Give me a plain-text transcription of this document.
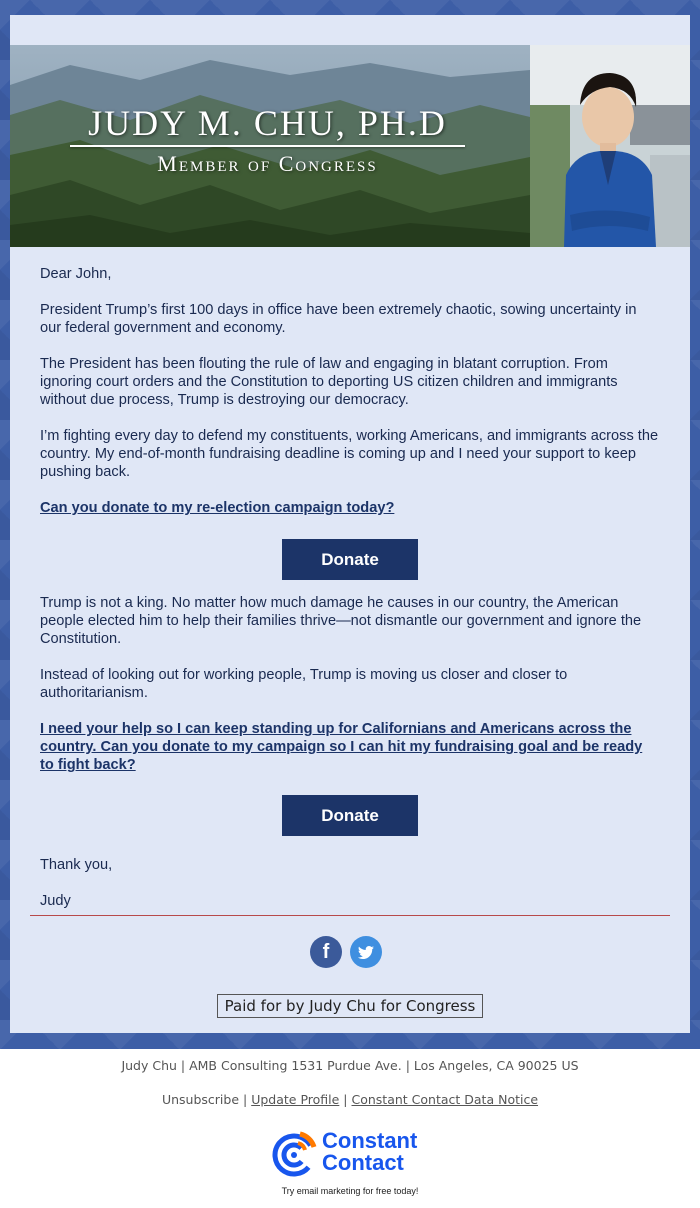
JUDY M. CHU, PH.D
Member of Congress

Dear John,

President Trump’s first 100 days in office have been extremely chaotic, sowing uncertainty in our federal government and economy.

The President has been flouting the rule of law and engaging in blatant corruption. From ignoring court orders and the Constitution to deporting US citizen children and immigrants without due process, Trump is destroying our democracy.

I’m fighting every day to defend my constituents, working Americans, and immigrants across the country. My end-of-month fundraising deadline is coming up and I need your support to keep pushing back.

Can you donate to my re-election campaign today?

Donate

Trump is not a king. No matter how much damage he causes in our country, the American people elected him to help their families thrive—not dismantle our government and ignore the Constitution.

Instead of looking out for working people, Trump is moving us closer and closer to authoritarianism.

I need your help so I can keep standing up for Californians and Americans across the country. Can you donate to my campaign so I can hit my fundraising goal and be ready to fight back?

Donate

Thank you,

Judy

f
Paid for by Judy Chu for Congress
Judy Chu | AMB Consulting 1531 Purdue Ave. | Los Angeles, CA 90025 US
Unsubscribe | Update Profile | Constant Contact Data Notice
Constant
Contact
Try email marketing for free today!
